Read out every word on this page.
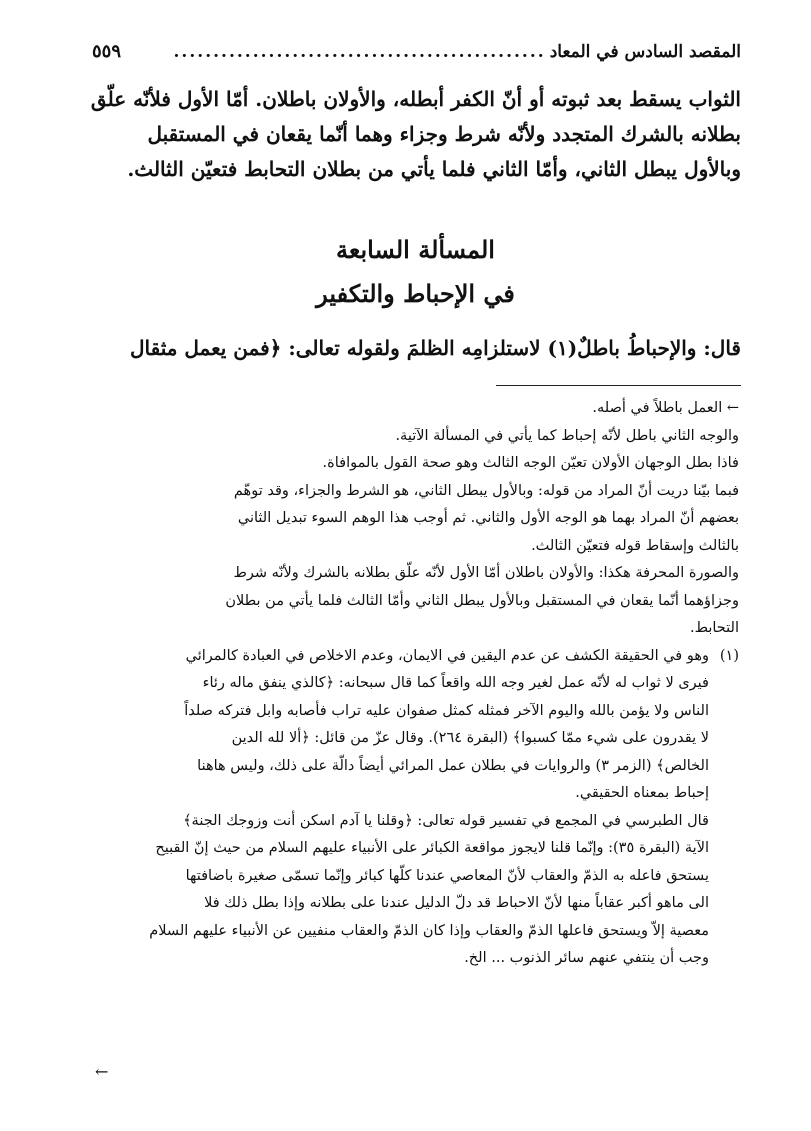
المقصد السادس في المعاد
...............................................
٥٥٩

الثواب يسقط بعد ثبوته أو أنّ الكفر أبطله، والأولان باطلان. أمّا الأول فلأنّه علّق

بطلانه بالشرك المتجدد ولأنّه شرط وجزاء وهما أنّما يقعان في المستقبل

وبالأول يبطل الثاني، وأمّا الثاني فلما يأتي من بطلان التحابط فتعيّن الثالث.

المسألة السابعة
في الإحباط والتكفير
قال: والإحباطُ باطلٌ(١) لاستلزامِه الظلمَ ولقوله تعالى: ﴿فمن يعمل مثقال

← العمل باطلاً في أصله.

والوجه الثاني باطل لأنّه إحباط كما يأتي في المسألة الآتية.

فاذا بطل الوجهان الأولان تعيّن الوجه الثالث وهو صحة القول بالموافاة.

فبما بيّنا دريت أنّ المراد من قوله: وبالأول يبطل الثاني، هو الشرط والجزاء، وقد توهّم

بعضهم أنّ المراد بهما هو الوجه الأول والثاني. ثم أوجب هذا الوهم السوء تبديل الثاني

بالثالث وإسقاط قوله فتعيّن الثالث.

والصورة المحرفة هكذا: والأولان باطلان أمّا الأول لأنّه علّق بطلانه بالشرك ولأنّه شرط

وجزاؤهما أنّما يقعان في المستقبل وبالأول يبطل الثاني وأمّا الثالث فلما يأتي من بطلان

التحابط.

(١)

وهو في الحقيقة الكشف عن عدم اليقين في الايمان، وعدم الاخلاص في العبادة كالمرائي

فيرى لا ثواب له لأنّه عمل لغير وجه الله واقعاً كما قال سبحانه: ﴿كالذي ينفق ماله رئاء

الناس ولا يؤمن بالله واليوم الآخر فمثله كمثل صفوان عليه تراب فأصابه وابل فتركه صلداً

لا يقدرون على شيء ممّا كسبوا﴾ (البقرة ٢٦٤). وقال عزّ من قائل: ﴿ألا لله الدين

الخالص﴾ (الزمر ٣) والروايات في بطلان عمل المرائي أيضاً دالّة على ذلك، وليس هاهنا

إحباط بمعناه الحقيقي.

قال الطبرسي في المجمع في تفسير قوله تعالى: ﴿وقلنا يا آدم اسكن أنت وزوجك الجنة﴾

الآية (البقرة ٣٥): وإنّما قلنا لايجوز مواقعة الكبائر على الأنبياء عليهم السلام من حيث إنّ القبيح

يستحق فاعله به الذمّ والعقاب لأنّ المعاصي عندنا كلّها كبائر وإنّما تسمّى صغيرة باضافتها

الى ماهو أكبر عقاباً منها لأنّ الاحباط قد دلّ الدليل عندنا على بطلانه وإذا بطل ذلك فلا

معصية إلاّ ويستحق فاعلها الذمّ والعقاب وإذا كان الذمّ والعقاب منفيين عن الأنبياء عليهم السلام

وجب أن ينتفي عنهم سائر الذنوب ... الخ.

←
